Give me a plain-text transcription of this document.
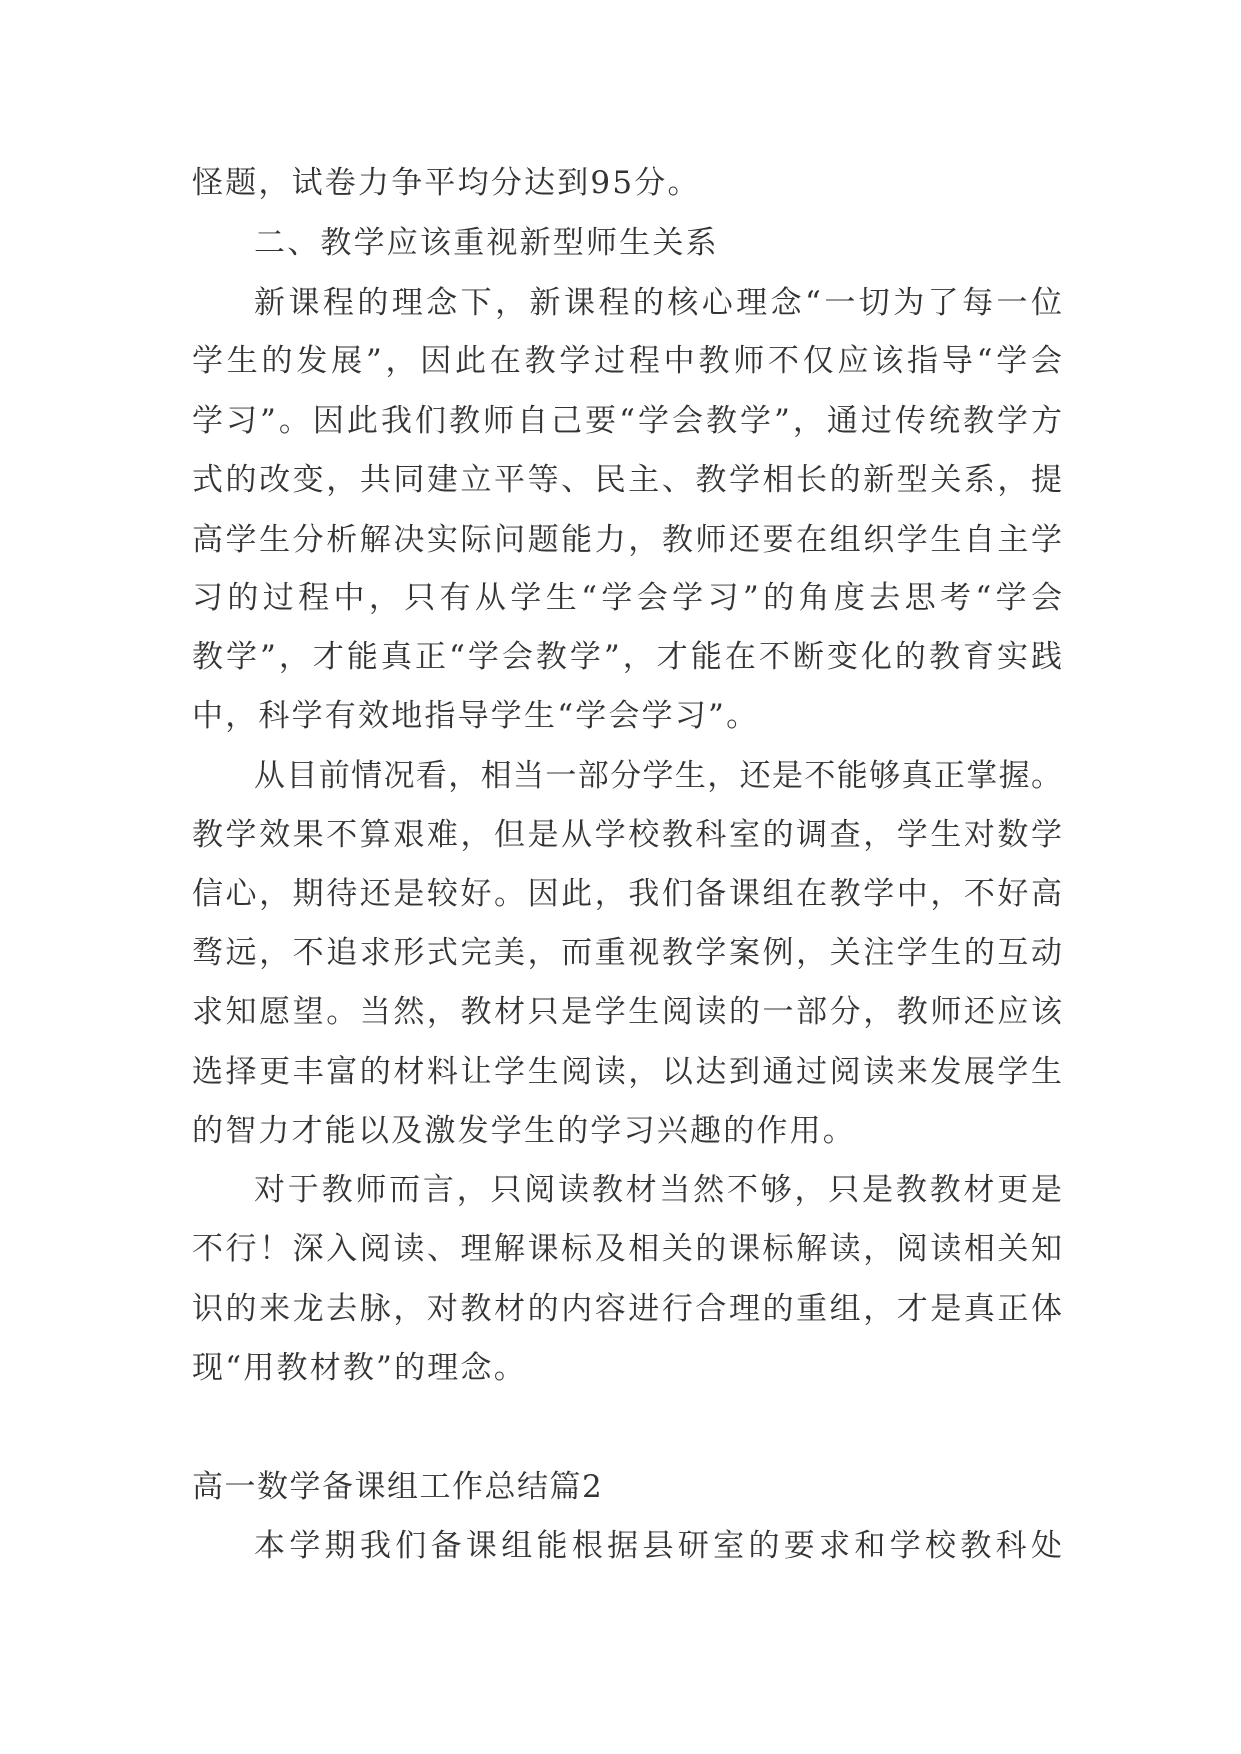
怪题，试卷力争平均分达到95分。
二、教学应该重视新型师生关系
新课程的理念下，新课程的核心理念“一切为了每一位
学生的发展”，因此在教学过程中教师不仅应该指导“学会
学习”。因此我们教师自己要“学会教学”，通过传统教学方
式的改变，共同建立平等、民主、教学相长的新型关系，提
高学生分析解决实际问题能力，教师还要在组织学生自主学
习的过程中，只有从学生“学会学习”的角度去思考“学会
教学”，才能真正“学会教学”，才能在不断变化的教育实践
中，科学有效地指导学生“学会学习”。
从目前情况看，相当一部分学生，还是不能够真正掌握。
教学效果不算艰难，但是从学校教科室的调查，学生对数学
信心，期待还是较好。因此，我们备课组在教学中，不好高
骛远，不追求形式完美，而重视教学案例，关注学生的互动
求知愿望。当然，教材只是学生阅读的一部分，教师还应该
选择更丰富的材料让学生阅读，以达到通过阅读来发展学生
的智力才能以及激发学生的学习兴趣的作用。
对于教师而言，只阅读教材当然不够，只是教教材更是
不行！深入阅读、理解课标及相关的课标解读，阅读相关知
识的来龙去脉，对教材的内容进行合理的重组，才是真正体
现“用教材教”的理念。
高一数学备课组工作总结篇2
本学期我们备课组能根据县研室的要求和学校教科处
